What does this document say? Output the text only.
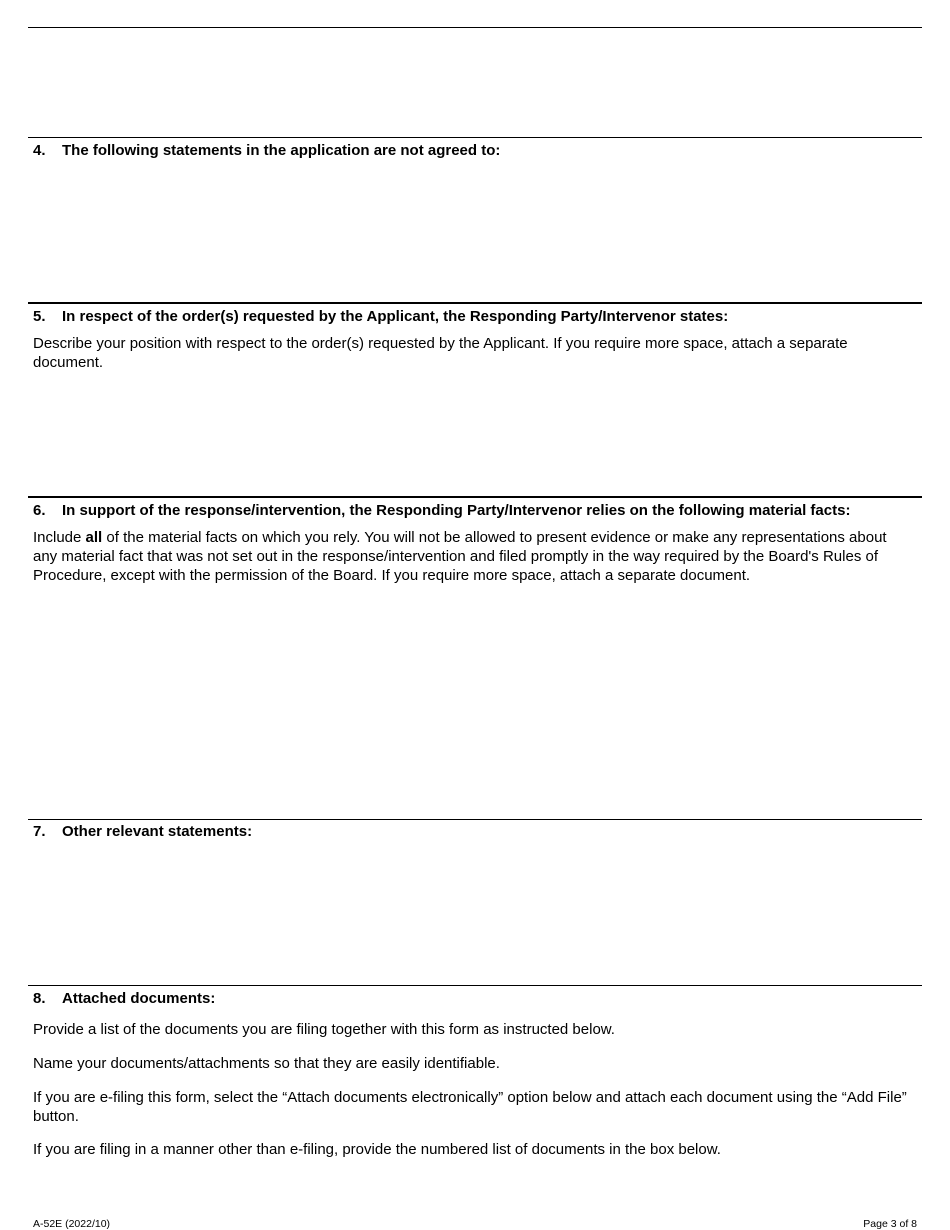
4. The following statements in the application are not agreed to:
5. In respect of the order(s) requested by the Applicant, the Responding Party/Intervenor states:
Describe your position with respect to the order(s) requested by the Applicant. If you require more space, attach a separate document.
6. In support of the response/intervention, the Responding Party/Intervenor relies on the following material facts:
Include all of the material facts on which you rely. You will not be allowed to present evidence or make any representations about any material fact that was not set out in the response/intervention and filed promptly in the way required by the Board's Rules of Procedure, except with the permission of the Board. If you require more space, attach a separate document.
7. Other relevant statements:
8. Attached documents:
Provide a list of the documents you are filing together with this form as instructed below.
Name your documents/attachments so that they are easily identifiable.
If you are e-filing this form, select the “Attach documents electronically” option below and attach each document using the “Add File” button.
If you are filing in a manner other than e-filing, provide the numbered list of documents in the box below.
A-52E (2022/10)	Page 3 of 8
